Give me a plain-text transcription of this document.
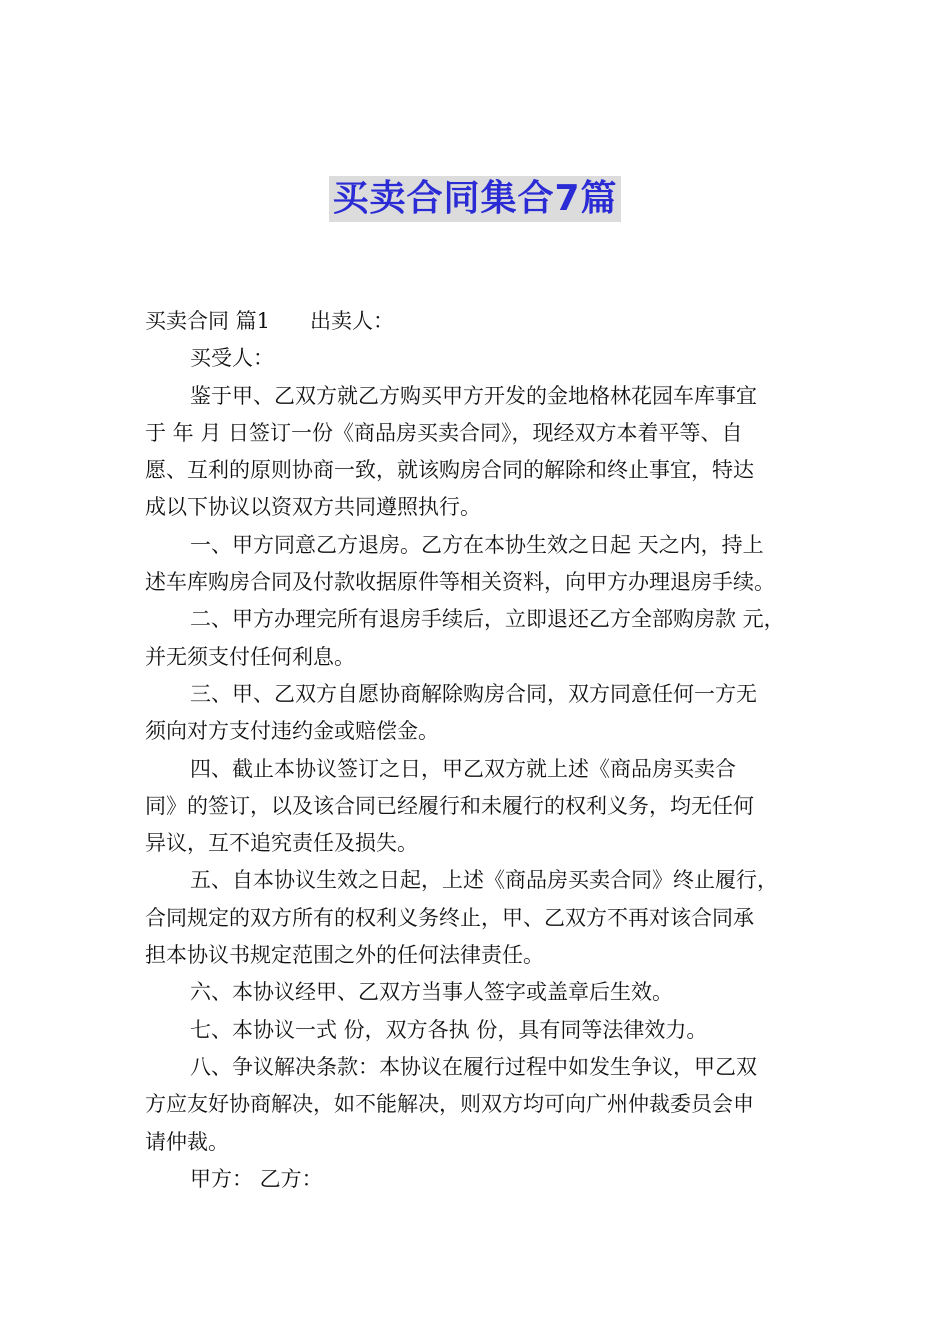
买卖合同集合7篇
买卖合同 篇1 出卖人：
买受人：
鉴于甲、乙双方就乙方购买甲方开发的金地格林花园车库事宜
于 年 月 日签订一份《商品房买卖合同》，现经双方本着平等、自
愿、互利的原则协商一致，就该购房合同的解除和终止事宜，特达
成以下协议以资双方共同遵照执行。
一、甲方同意乙方退房。乙方在本协生效之日起 天之内，持上
述车库购房合同及付款收据原件等相关资料，向甲方办理退房手续。
二、甲方办理完所有退房手续后，立即退还乙方全部购房款 元，
并无须支付任何利息。
三、甲、乙双方自愿协商解除购房合同，双方同意任何一方无
须向对方支付违约金或赔偿金。
四、截止本协议签订之日，甲乙双方就上述《商品房买卖合
同》的签订，以及该合同已经履行和未履行的权利义务，均无任何
异议，互不追究责任及损失。
五、自本协议生效之日起，上述《商品房买卖合同》终止履行，
合同规定的双方所有的权利义务终止，甲、乙双方不再对该合同承
担本协议书规定范围之外的任何法律责任。
六、本协议经甲、乙双方当事人签字或盖章后生效。
七、本协议一式 份，双方各执 份，具有同等法律效力。
八、争议解决条款：本协议在履行过程中如发生争议，甲乙双
方应友好协商解决，如不能解决，则双方均可向广州仲裁委员会申
请仲裁。
甲方： 乙方：
